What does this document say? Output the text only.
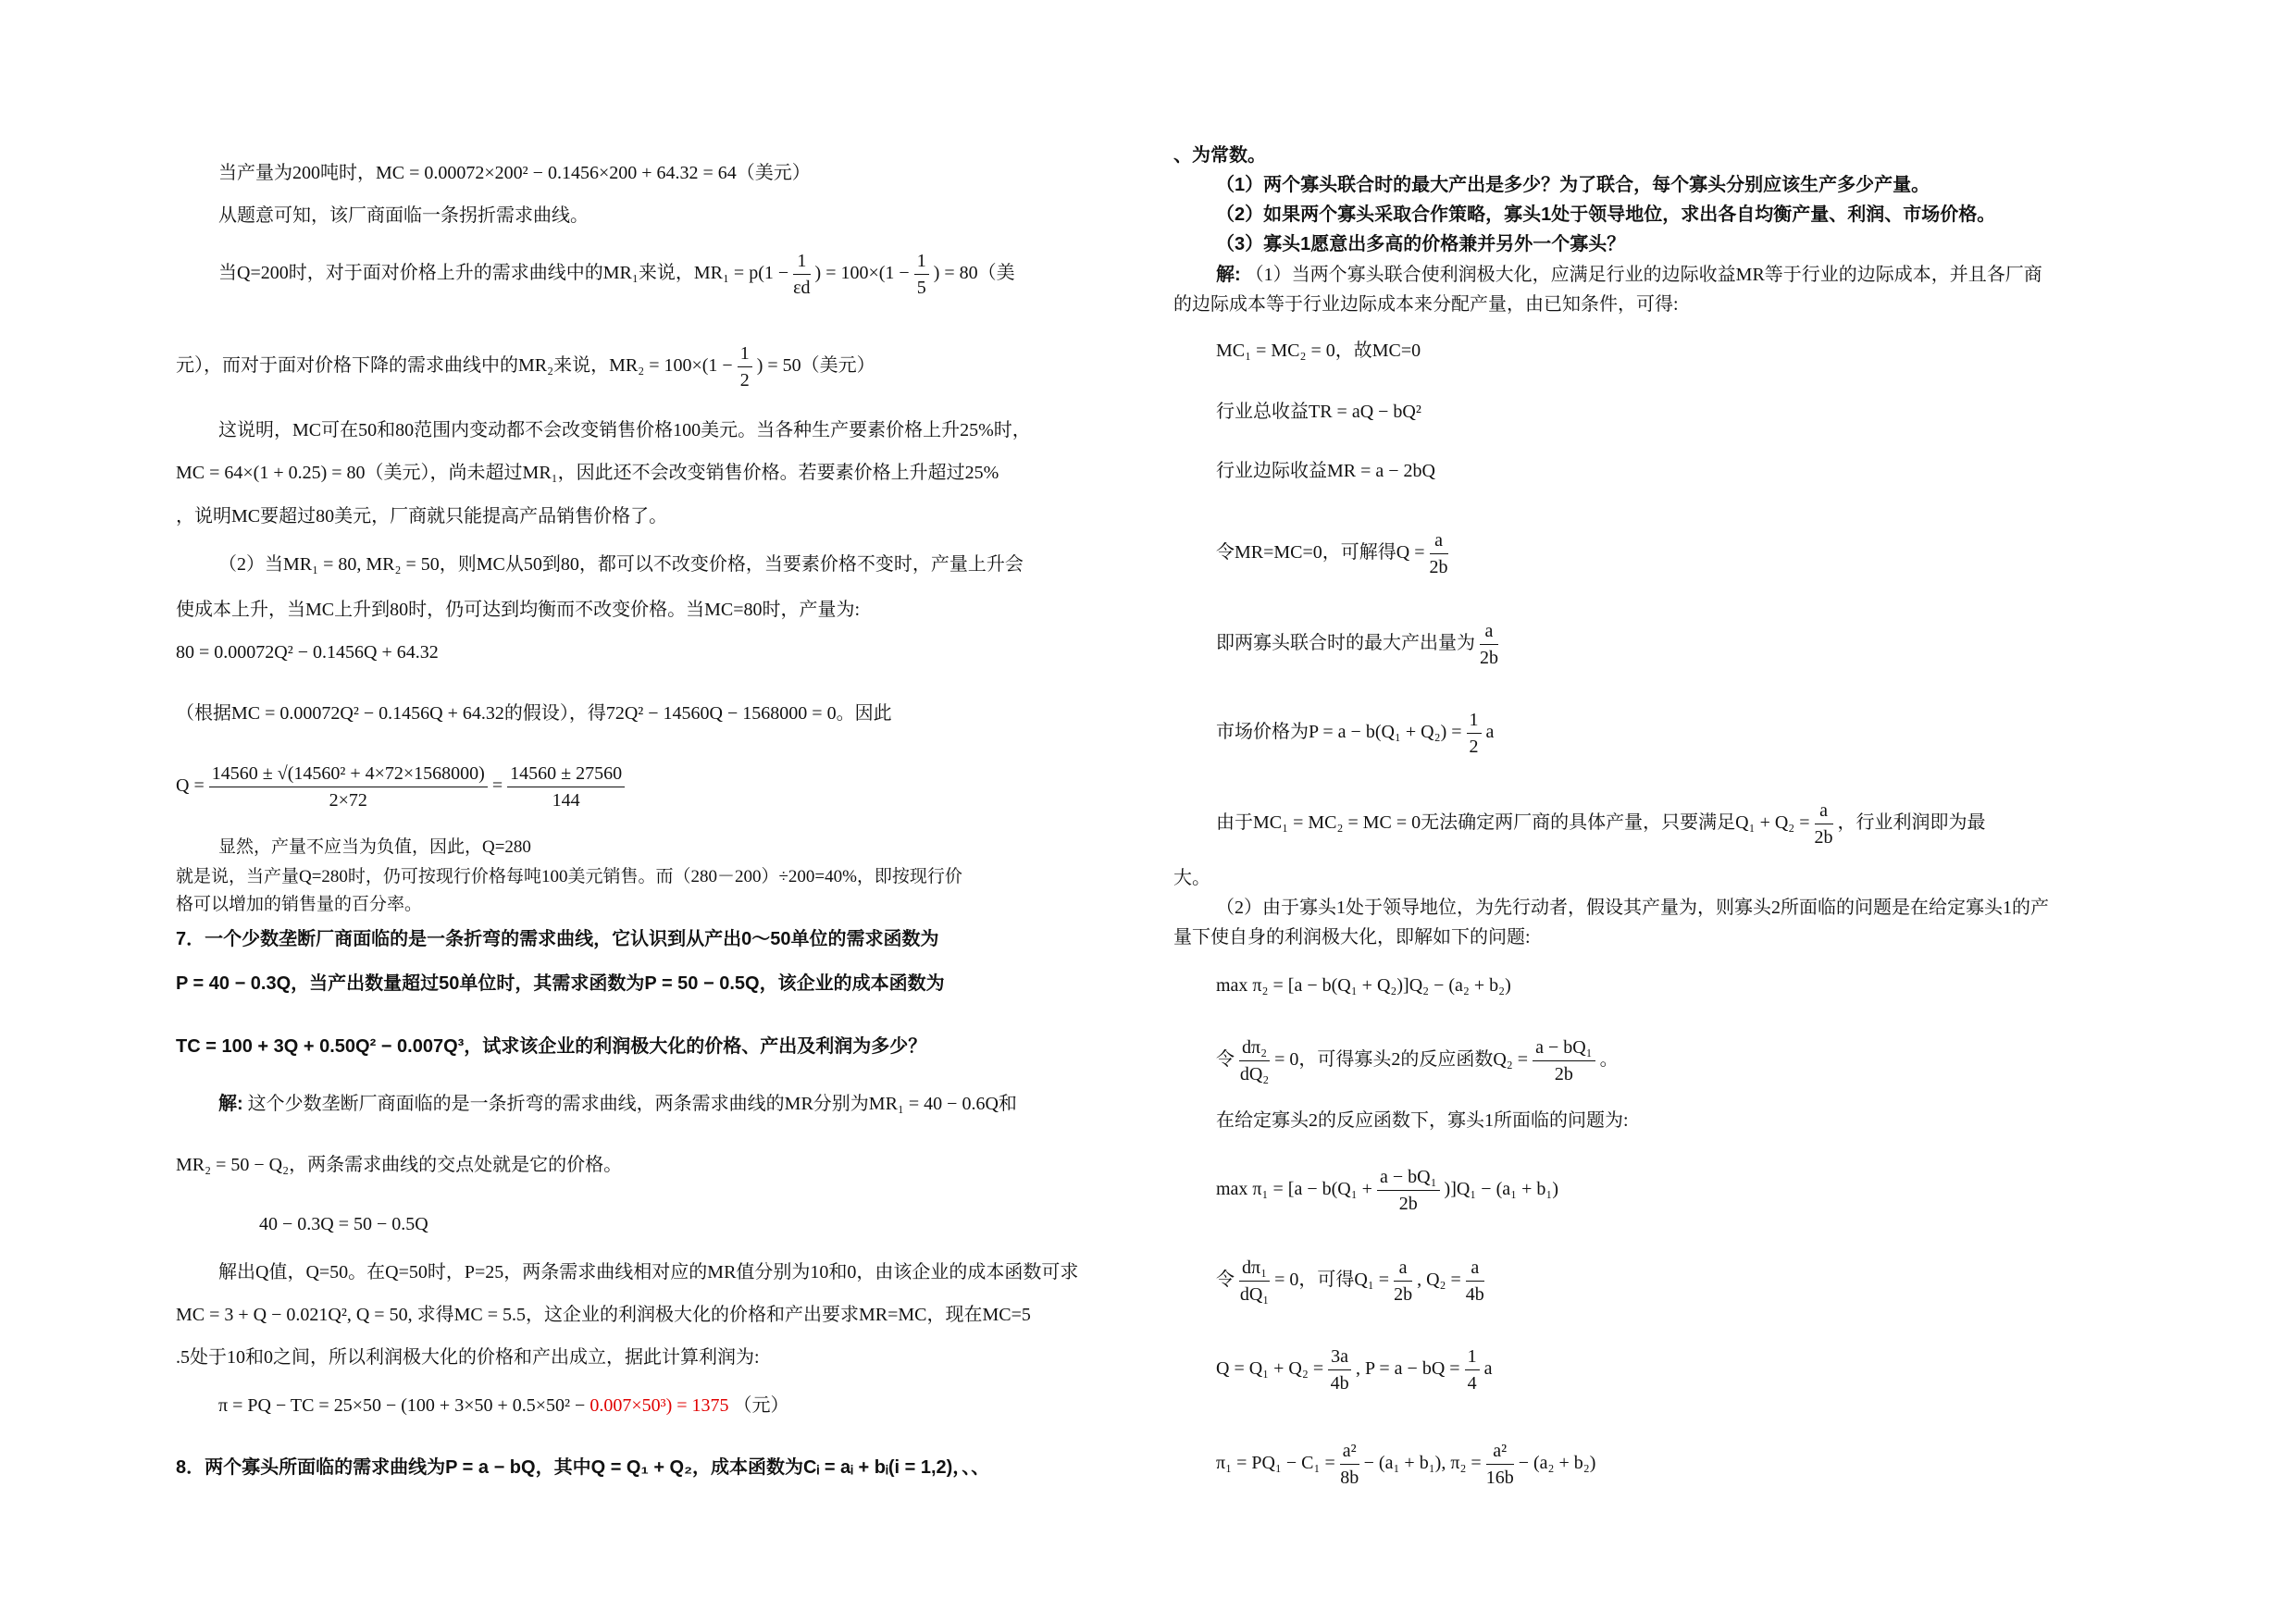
当产量为200吨时，MC = 0.00072×200² − 0.1456×200 + 64.32 = 64（美元）
从题意可知，该厂商面临一条拐折需求曲线。
当Q=200时，对于面对价格上升的需求曲线中的MR₁来说，$MR_1 = p(1 - \frac{1}{\varepsilon d}$ ) = $100\times(1 - \frac{1}{5}$ ) = 80（美
元），而对于面对价格下降的需求曲线中的MR₂来说，$MR_2 = 100\times(1 - \frac{1}{2}$ ) = 50（美元）
这说明，MC可在50和80范围内变动都不会改变销售价格100美元。当各种生产要素价格上升25%时，
MC = 64×(1 + 0.25) = 80（美元），尚未超过MR₁，因此还不会改变销售价格。若要素价格上升超过25%
，说明MC要超过80美元，厂商就只能提高产品销售价格了。
（2）当MR₁ = 80, MR₂ = 50，则MC从50到80，都可以不改变价格，当要素价格不变时，产量上升会
使成本上升，当MC上升到80时，仍可达到均衡而不改变价格。当MC=80时，产量为:
80 = 0.00072Q² − 0.1456Q + 64.32
（根据MC = 0.00072Q² − 0.1456Q + 64.32的假设），得72Q² − 14560Q − 1568000 = 0。因此
$Q = \frac{\text{14560 ± √(14560² + 4×72×1568000)}}{2\times 72} = \frac{14560 \pm 27560}{144}$
显然，产量不应当为负值，因此，Q=280
就是说，当产量Q=280时，仍可按现行价格每吨100美元销售。而（280－200）÷200=40%，即按现行价
格可以增加的销售量的百分率。
7．一个少数垄断厂商面临的是一条折弯的需求曲线，它认识到从产出0～50单位的需求函数为
P = 40 − 0.3Q，当产出数量超过50单位时，其需求函数为P = 50 − 0.5Q，该企业的成本函数为
TC = 100 + 3Q + 0.50Q² − 0.007Q³，试求该企业的利润极大化的价格、产出及利润为多少？
解: 这个少数垄断厂商面临的是一条折弯的需求曲线，两条需求曲线的MR分别为MR₁ = 40 − 0.6Q和
MR₂ = 50 − Q₂，两条需求曲线的交点处就是它的价格。
40 − 0.3Q = 50 − 0.5Q
解出Q值，Q=50。在Q=50时，P=25，两条需求曲线相对应的MR值分别为10和0，由该企业的成本函数可求
MC = 3 + Q − 0.021Q², Q = 50, 求得MC = 5.5，这企业的利润极大化的价格和产出要求MR=MC，现在MC=5
.5处于10和0之间，所以利润极大化的价格和产出成立，据此计算利润为:
π = PQ − TC = 25×50 − (100 + 3×50 + 0.5×50² − 0.007×50³) = 1375 （元）
8．两个寡头所面临的需求曲线为P = a − bQ，其中Q = Q₁ + Q₂，成本函数为Cᵢ = aᵢ + bᵢ(i = 1,2)，、、
、为常数。
（1）两个寡头联合时的最大产出是多少？为了联合，每个寡头分别应该生产多少产量。
（2）如果两个寡头采取合作策略，寡头1处于领导地位，求出各自均衡产量、利润、市场价格。
（3）寡头1愿意出多高的价格兼并另外一个寡头？
解: （1）当两个寡头联合使利润极大化，应满足行业的边际收益MR等于行业的边际成本，并且各厂商
的边际成本等于行业边际成本来分配产量，由已知条件，可得:
MC₁ = MC₂ = 0，故MC=0
行业总收益TR = aQ − bQ²
行业边际收益MR = a − 2bQ
令MR=MC=0，可解得$Q = \frac{a}{2b}$
即两寡头联合时的最大产出量为 $\frac{a}{2b}$
市场价格为$P = a - b(Q_1 + Q_2) = \frac{1}{2}$ a
由于MC₁ = MC₂ = MC = 0无法确定两厂商的具体产量，只要满足$Q_1 + Q_2 = \frac{a}{2b}$ ，行业利润即为最
大。
（2）由于寡头1处于领导地位，为先行动者，假设其产量为，则寡头2所面临的问题是在给定寡头1的产
量下使自身的利润极大化，即解如下的问题:
max π₂ = [a − b(Q₁ + Q₂)]Q₂ − (a₂ + b₂)
令 $\frac{\text{dπ₂}}{\text{dQ₂}} = 0$，可得寡头2的反应函数$Q_2 = \frac{\text{a − bQ₁}}{2b}$ 。
在给定寡头2的反应函数下，寡头1所面临的问题为:
$\max \pi_1 = [a - b(Q_1 + \frac{\text{a − bQ₁}}{2b} )]Q_1 - (a_1 + b_1)$
令 $\frac{\text{dπ₁}}{\text{dQ₁}} = 0$，可得$Q_1 = \frac{a}{2b}$ , $Q_2 = \frac{a}{4b}$
$Q = Q_1 + Q_2 = \frac{3a}{4b}$ , P = a − bQ = $\frac{1}{4}$ a
$\pi_1 = PQ_1 - C_1 = \frac{\text{a²}}{8b} - (a_1 + b_1)$, $\pi_2 = \frac{\text{a²}}{16b} - (a_2 + b_2)$
